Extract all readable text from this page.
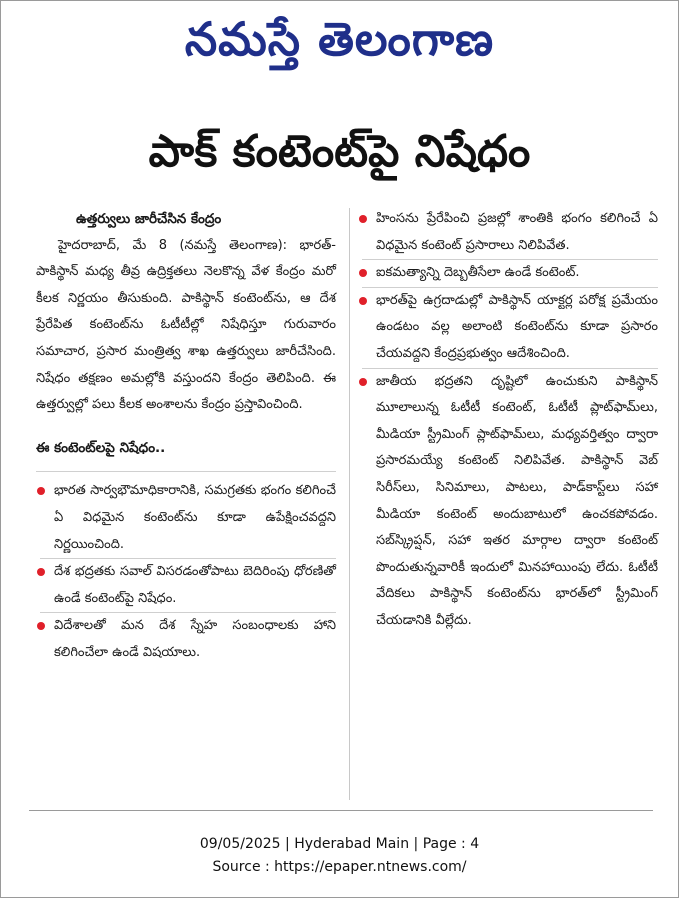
నమస్తే తెలంగాణ
పాక్ కంటెంట్‌పై నిషేధం
ఉత్తర్వులు జారీచేసిన కేంద్రం
హైదరాబాద్, మే 8 (నమస్తే తెలంగాణ): భారత్-పాకిస్థాన్ మధ్య తీవ్ర ఉద్రిక్తతలు నెలకొన్న వేళ కేంద్రం మరో కీలక నిర్ణయం తీసుకుంది. పాకిస్థాన్ కంటెంట్‌ను, ఆ దేశ ప్రేరేపిత కంటెంట్‌ను ఓటీటీల్లో నిషేధిస్తూ గురువారం సమాచార, ప్రసార మంత్రిత్వ శాఖ ఉత్తర్వులు జారీచేసింది. నిషేధం తక్షణం అమల్లోకి వస్తుందని కేంద్రం తెలిపింది. ఈ ఉత్తర్వుల్లో పలు కీలక అంశాలను కేంద్రం ప్రస్తావించింది.
ఈ కంటెంట్‌లపై నిషేధం..
భారత సార్వభౌమాధికారానికి, సమగ్రతకు భంగం కలిగించే ఏ విధమైన కంటెంట్‌ను కూడా ఉపేక్షించవద్దని నిర్ణయించింది.
దేశ భద్రతకు సవాల్ విసరడంతోపాటు బెదిరింపు ధోరణితో ఉండే కంటెంట్‌పై నిషేధం.
విదేశాలతో మన దేశ స్నేహ సంబంధాలకు హాని కలిగించేలా ఉండే విషయాలు.
హింసను ప్రేరేపించి ప్రజల్లో శాంతికి భంగం కలిగించే ఏ విధమైన కంటెంట్ ప్రసారాలు నిలిపివేత.
ఐకమత్యాన్ని దెబ్బతీసేలా ఉండే కంటెంట్.
భారత్‌పై ఉగ్రదాడుల్లో పాకిస్థాన్ యాక్టర్ల పరోక్ష ప్రమేయం ఉండటం వల్ల అలాంటి కంటెంట్‌ను కూడా ప్రసారం చేయవద్దని కేంద్రప్రభుత్వం ఆదేశించింది.
జాతీయ భద్రతని దృష్టిలో ఉంచుకుని పాకిస్థాన్ మూలాలున్న ఓటీటీ కంటెంట్, ఓటీటీ ప్లాట్‌ఫామ్‌లు, మీడియా స్ట్రీమింగ్ ప్లాట్‌ఫామ్‌లు, మధ్యవర్తిత్వం ద్వారా ప్రసారమయ్యే కంటెంట్ నిలిపివేత. పాకిస్థాన్ వెబ్ సిరీస్‌లు, సినిమాలు, పాటలు, పాడ్‌కాస్ట్‌లు సహా మీడియా కంటెంట్ అందుబాటులో ఉంచకపోవడం. సబ్‌స్క్రిప్షన్, సహా ఇతర మార్గాల ద్వారా కంటెంట్ పొందుతున్నవారికీ ఇందులో మినహాయింపు లేదు. ఓటీటీ వేదికలు పాకిస్థాన్ కంటెంట్‌ను భారత్‌లో స్ట్రీమింగ్ చేయడానికి వీల్లేదు.
09/05/2025 | Hyderabad Main | Page : 4
Source : https://epaper.ntnews.com/
